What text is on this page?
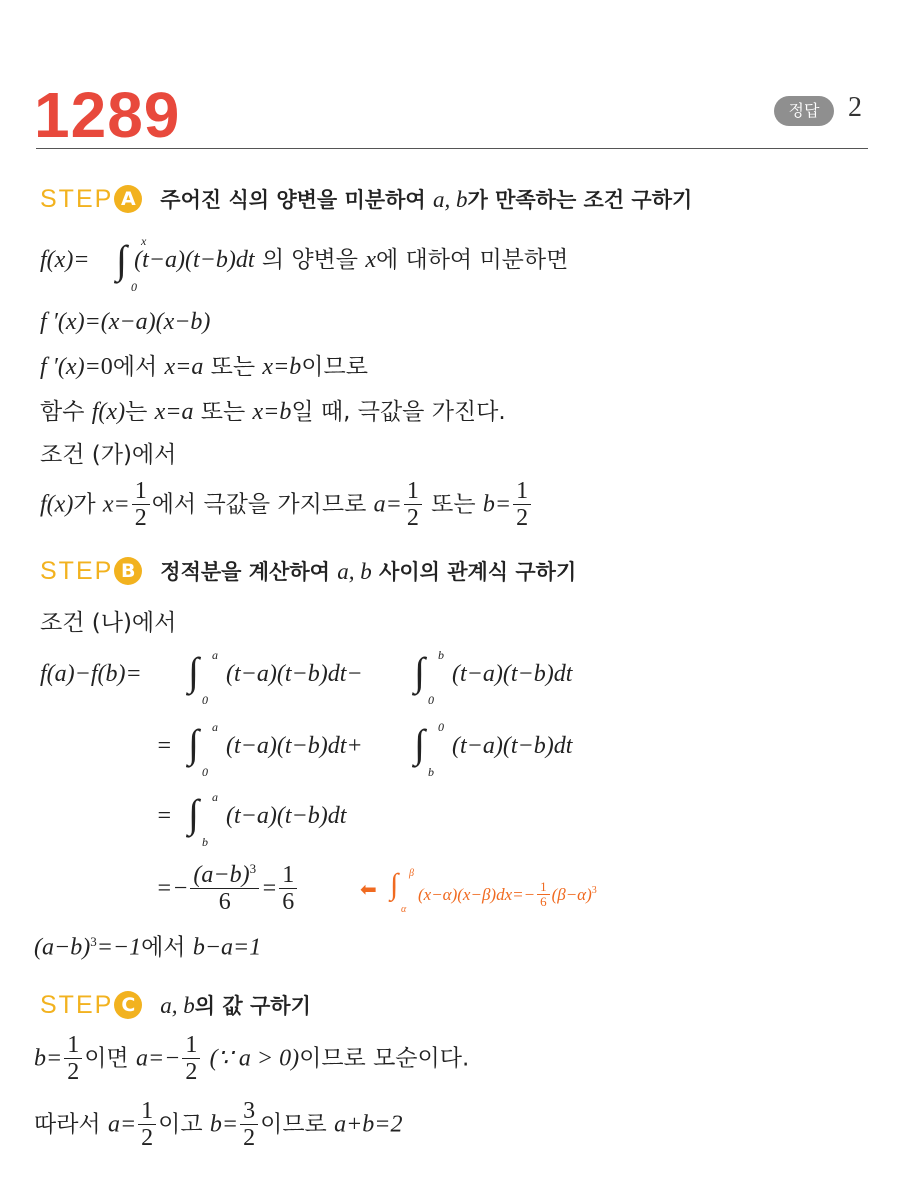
1289	정답	2
STEP A	주어진 식의 양변을 미분하여 a, b가 만족하는 조건 구하기
f(x)= (t−a)(t−b)dt 의 양변을 x에 대하여 미분하면
∫ x
0
f ′(x)=(x−a)(x−b)
f ′(x)=0에서 x=a 또는 x=b이므로
함수 f(x)는 x=a 또는 x=b일 때, 극값을 가진다.
조건 (가)에서
f(x)가 $x= \frac{1}{2}$ 에서 극값을 가지므로 $a= \frac{1}{2}$ 또는 $b= \frac{1}{2}$
STEP B	정적분을 계산하여 a, b 사이의 관계식 구하기
조건 (나)에서
f(a)−f(b)= ∫ a
0
(t−a)(t−b)dt− ∫ b
0
(t−a)(t−b)dt
= ∫ a
0
(t−a)(t−b)dt+ ∫ 0
b
(t−a)(t−b)dt
= ∫ a
b
(t−a)(t−b)dt
=− $\frac{(a-b)^3}{6} = \frac{1}{6}$	⬅ ∫ β
α
$(x-\alpha)(x-\beta)dx=- \frac{1}{6} (\beta-\alpha)^3$
$(a-b)^3=-1$에서 b−a=1
STEP C	a, b의 값 구하기
$b= \frac{1}{2}$ 이면 $a=- \frac{1}{2}$ (∵ a > 0)이므로 모순이다.
따라서 $a= \frac{1}{2}$ 이고 $b= \frac{3}{2}$ 이므로 a+b=2
